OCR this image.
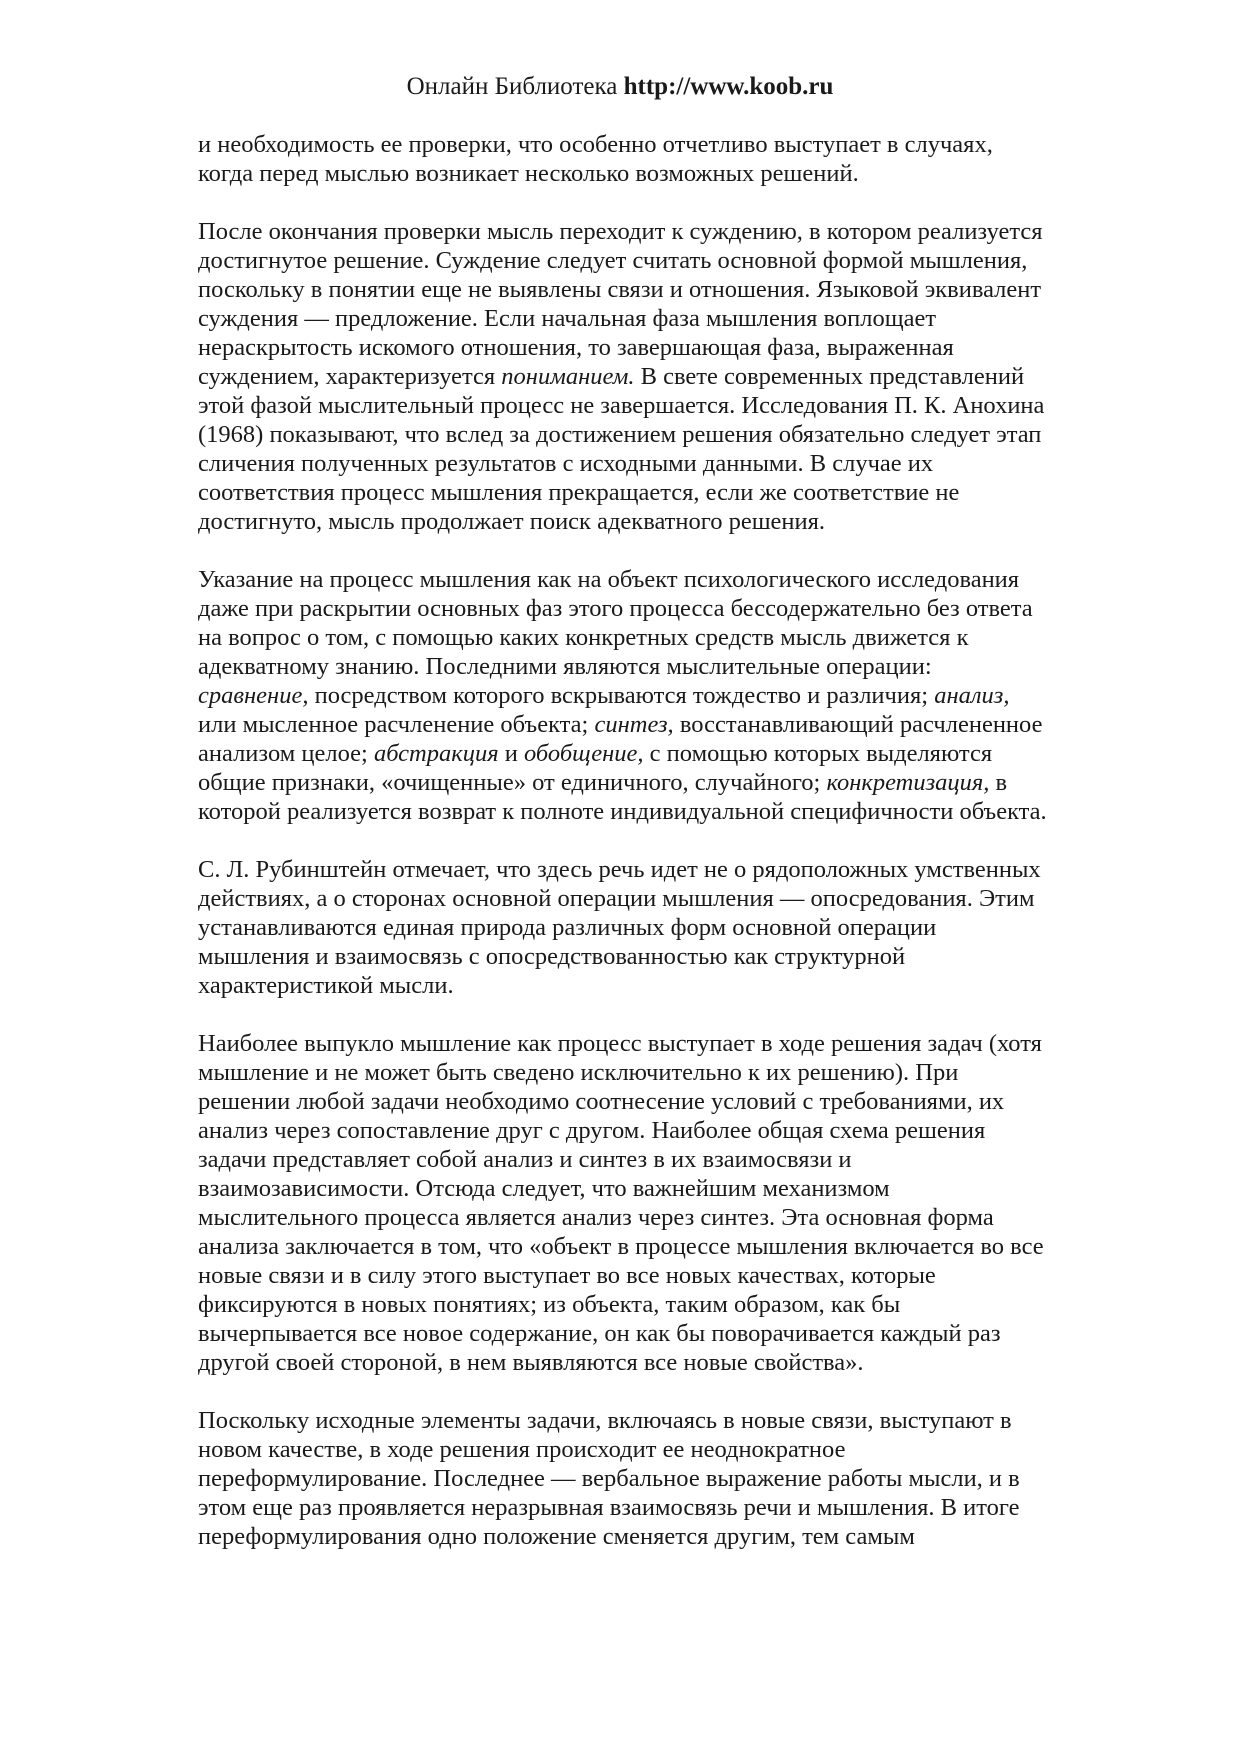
Онлайн Библиотека http://www.koob.ru

и необходимость ее проверки, что особенно отчетливо выступает в случаях, когда перед мыслью возникает несколько возможных решений.

После окончания проверки мысль переходит к суждению, в котором реализуется достигнутое решение. Суждение следует считать основной формой мышления, поскольку в понятии еще не выявлены связи и отношения. Языковой эквивалент суждения — предложение. Если начальная фаза мышления воплощает нераскрытость искомого отношения, то завершающая фаза, выраженная суждением, характеризуется пониманием. В свете современных представлений этой фазой мыслительный процесс не завершается. Исследования П. К. Анохина (1968) показывают, что вслед за достижением решения обязательно следует этап сличения полученных результатов с исходными данными. В случае их соответствия процесс мышления прекращается, если же соответствие не достигнуто, мысль продолжает поиск адекватного решения.

Указание на процесс мышления как на объект психологического исследования даже при раскрытии основных фаз этого процесса бессодержательно без ответа на вопрос о том, с помощью каких конкретных средств мысль движется к адекватному знанию. Последними являются мыслительные операции: сравнение, посредством которого вскрываются тождество и различия; анализ, или мысленное расчленение объекта; синтез, восстанавливающий расчлененное анализом целое; абстракция и обобщение, с помощью которых выделяются общие признаки, «очищенные» от единичного, случайного; конкретизация, в которой реализуется возврат к полноте индивидуальной специфичности объекта.

С. Л. Рубинштейн отмечает, что здесь речь идет не о рядоположных умственных действиях, а о сторонах основной операции мышления — опосредования. Этим устанавливаются единая природа различных форм основной операции мышления и взаимосвязь с опосредствованностью как структурной характеристикой мысли.

Наиболее выпукло мышление как процесс выступает в ходе решения задач (хотя мышление и не может быть сведено исключительно к их решению). При решении любой задачи необходимо соотнесение условий с требованиями, их анализ через сопоставление друг с другом. Наиболее общая схема решения задачи представляет собой анализ и синтез в их взаимосвязи и взаимозависимости. Отсюда следует, что важнейшим механизмом мыслительного процесса является анализ через синтез. Эта основная форма анализа заключается в том, что «объект в процессе мышления включается во все новые связи и в силу этого выступает во все новых качествах, которые фиксируются в новых понятиях; из объекта, таким образом, как бы вычерпывается все новое содержание, он как бы поворачивается каждый раз другой своей стороной, в нем выявляются все новые свойства».

Поскольку исходные элементы задачи, включаясь в новые связи, выступают в новом качестве, в ходе решения происходит ее неоднократное переформулирование. Последнее — вербальное выражение работы мысли, и в этом еще раз проявляется неразрывная взаимосвязь речи и мышления. В итоге переформулирования одно положение сменяется другим, тем самым
